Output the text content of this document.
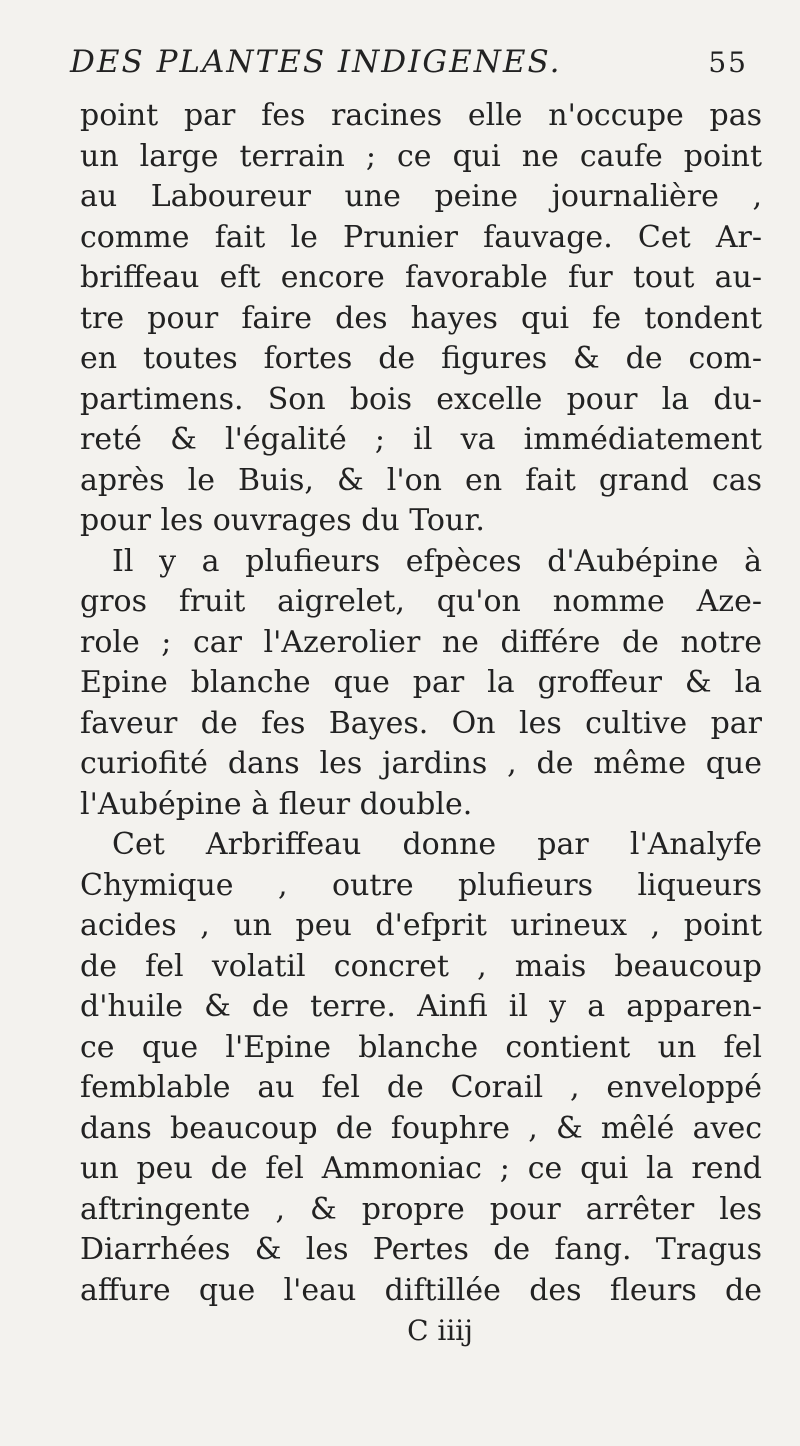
DES PLANTES INDIGENES.	55
point par fes racines elle n'occupe pas
un large terrain ; ce qui ne caufe point
au Laboureur une peine journalière ,
comme fait le Prunier fauvage. Cet Ar-
briffeau eft encore favorable fur tout au-
tre pour faire des hayes qui fe tondent
en toutes fortes de figures & de com-
partimens. Son bois excelle pour la du-
reté & l'égalité ; il va immédiatement
après le Buis, & l'on en fait grand cas
pour les ouvrages du Tour.
Il y a plufieurs efpèces d'Aubépine à
gros fruit aigrelet, qu'on nomme Aze-
role ; car l'Azerolier ne différe de notre
Epine blanche que par la groffeur & la
faveur de fes Bayes. On les cultive par
curiofité dans les jardins , de même que
l'Aubépine à fleur double.
Cet Arbriffeau donne par l'Analyfe
Chymique , outre plufieurs liqueurs
acides , un peu d'efprit urineux , point
de fel volatil concret , mais beaucoup
d'huile & de terre. Ainfi il y a apparen-
ce que l'Epine blanche contient un fel
femblable au fel de Corail , enveloppé
dans beaucoup de fouphre , & mêlé avec
un peu de fel Ammoniac ; ce qui la rend
aftringente , & propre pour arrêter les
Diarrhées & les Pertes de fang. Tragus
affure que l'eau diftillée des fleurs de
C iiij
